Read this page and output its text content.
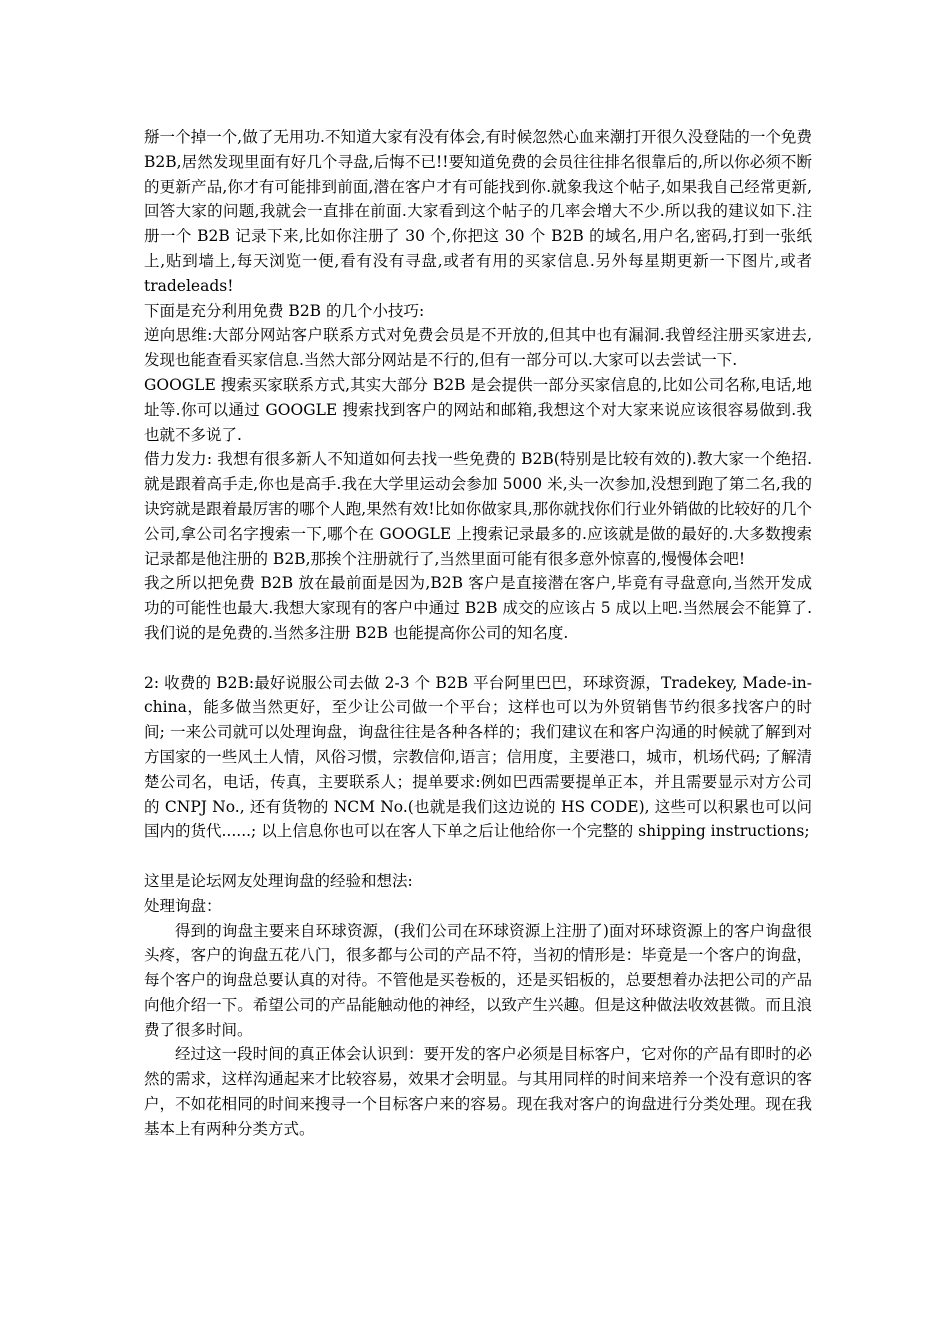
掰一个掉一个,做了无用功.不知道大家有没有体会,有时候忽然心血来潮打开很久没登陆的一个免费 B2B,居然发现里面有好几个寻盘,后悔不已!!要知道免费的会员往往排名很靠后的,所以你必须不断的更新产品,你才有可能排到前面,潜在客户才有可能找到你.就象我这个帖子,如果我自己经常更新,回答大家的问题,我就会一直排在前面.大家看到这个帖子的几率会增大不少.所以我的建议如下.注册一个 B2B 记录下来,比如你注册了 30 个,你把这 30 个 B2B 的域名,用户名,密码,打到一张纸上,贴到墙上,每天浏览一便,看有没有寻盘,或者有用的买家信息.另外每星期更新一下图片,或者 tradeleads!

下面是充分利用免费 B2B 的几个小技巧:

逆向思维:大部分网站客户联系方式对免费会员是不开放的,但其中也有漏洞.我曾经注册买家进去,发现也能查看买家信息.当然大部分网站是不行的,但有一部分可以.大家可以去尝试一下.

GOOGLE 搜索买家联系方式,其实大部分 B2B 是会提供一部分买家信息的,比如公司名称,电话,地址等.你可以通过 GOOGLE 搜索找到客户的网站和邮箱,我想这个对大家来说应该很容易做到.我也就不多说了.

借力发力: 我想有很多新人不知道如何去找一些免费的 B2B(特别是比较有效的).教大家一个绝招.就是跟着高手走,你也是高手.我在大学里运动会参加 5000 米,头一次参加,没想到跑了第二名,我的诀窍就是跟着最厉害的哪个人跑,果然有效!比如你做家具,那你就找你们行业外销做的比较好的几个公司,拿公司名字搜索一下,哪个在 GOOGLE 上搜索记录最多的.应该就是做的最好的.大多数搜索记录都是他注册的 B2B,那挨个注册就行了,当然里面可能有很多意外惊喜的,慢慢体会吧!

我之所以把免费 B2B 放在最前面是因为,B2B 客户是直接潜在客户,毕竟有寻盘意向,当然开发成功的可能性也最大.我想大家现有的客户中通过 B2B 成交的应该占 5 成以上吧.当然展会不能算了.我们说的是免费的.当然多注册 B2B 也能提高你公司的知名度.

2: 收费的 B2B:最好说服公司去做 2-3 个 B2B 平台阿里巴巴，环球资源，Tradekey, Made-in-china，能多做当然更好，至少让公司做一个平台；这样也可以为外贸销售节约很多找客户的时间; 一来公司就可以处理询盘，询盘往往是各种各样的；我们建议在和客户沟通的时候就了解到对方国家的一些风土人情，风俗习惯，宗教信仰,语言；信用度，主要港口，城市，机场代码; 了解清楚公司名，电话，传真，主要联系人；提单要求:例如巴西需要提单正本，并且需要显示对方公司的 CNPJ No., 还有货物的 NCM No.(也就是我们这边说的 HS CODE), 这些可以积累也可以问国内的货代......; 以上信息你也可以在客人下单之后让他给你一个完整的 shipping instructions;

这里是论坛网友处理询盘的经验和想法:

处理询盘：

得到的询盘主要来自环球资源，(我们公司在环球资源上注册了)面对环球资源上的客户询盘很头疼，客户的询盘五花八门，很多都与公司的产品不符，当初的情形是：毕竟是一个客户的询盘，每个客户的询盘总要认真的对待。不管他是买卷板的，还是买铝板的，总要想着办法把公司的产品向他介绍一下。希望公司的产品能触动他的神经，以致产生兴趣。但是这种做法收效甚微。而且浪费了很多时间。

经过这一段时间的真正体会认识到：要开发的客户必须是目标客户，它对你的产品有即时的必然的需求，这样沟通起来才比较容易，效果才会明显。与其用同样的时间来培养一个没有意识的客户，不如花相同的时间来搜寻一个目标客户来的容易。现在我对客户的询盘进行分类处理。现在我基本上有两种分类方式。
